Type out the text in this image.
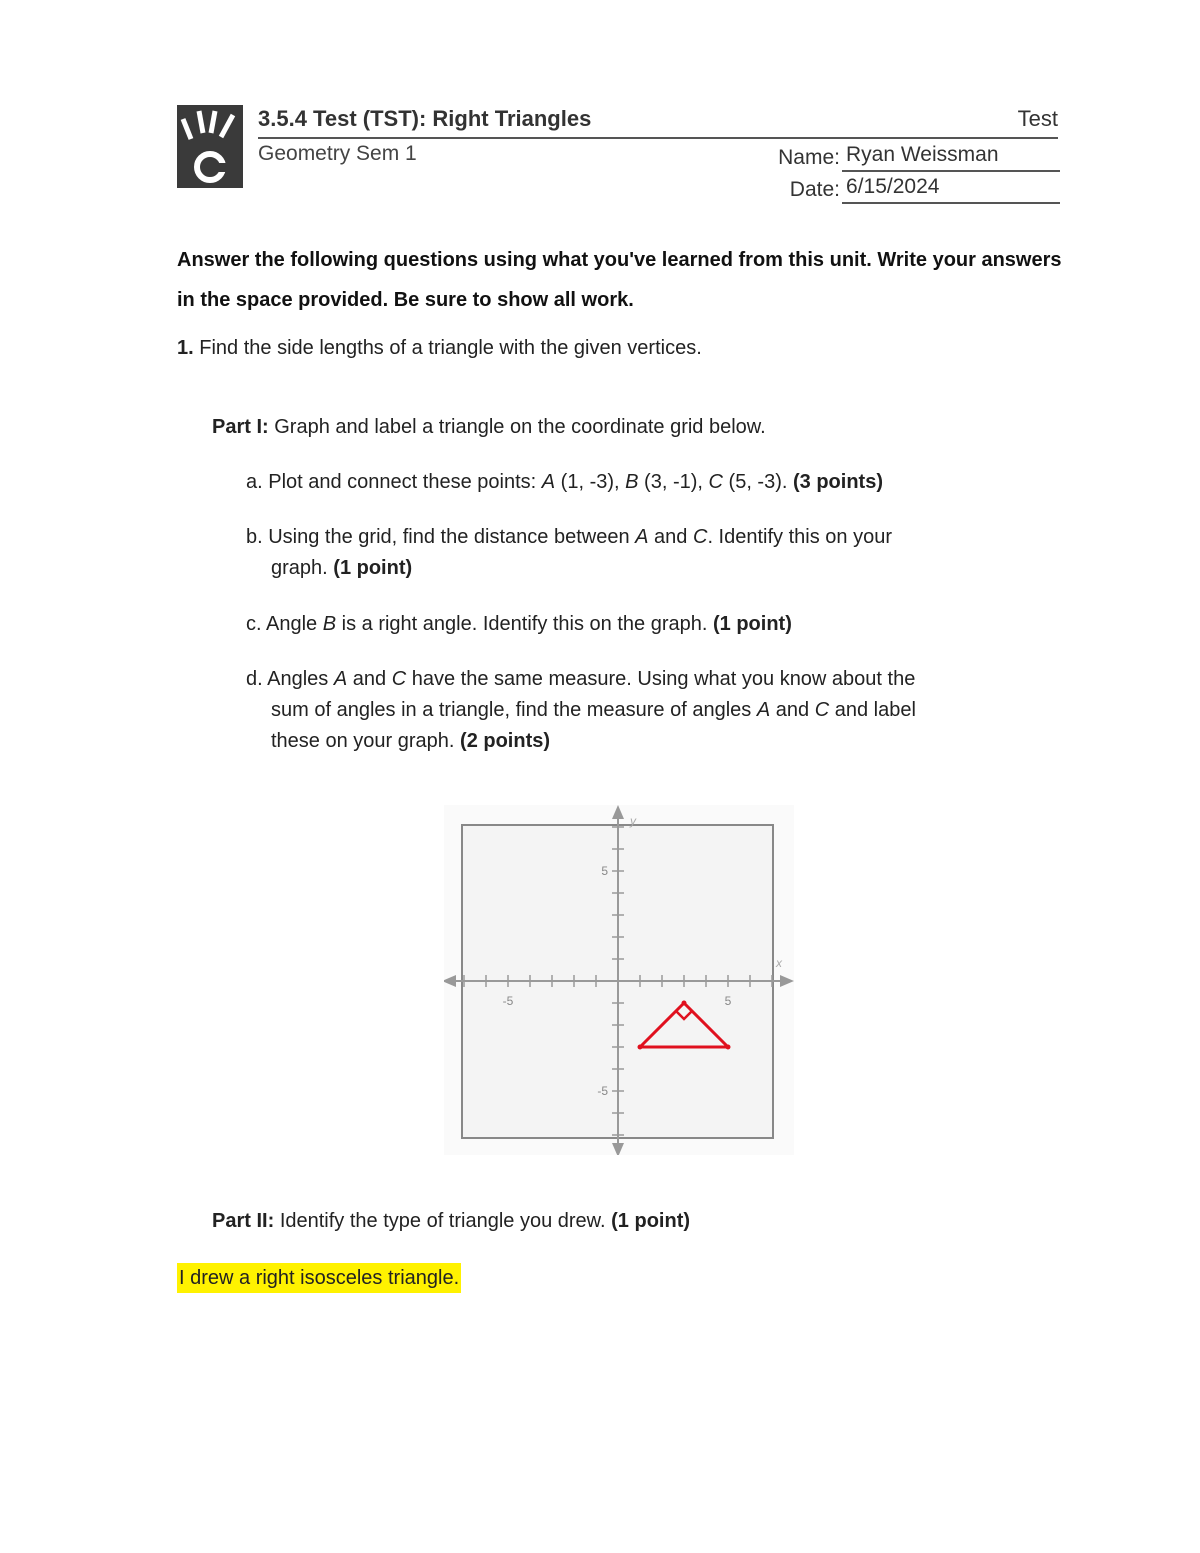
3.5.4 Test (TST): Right Triangles	Test
Geometry Sem 1	Name: Ryan Weissman
Date: 6/15/2024
Answer the following questions using what you've learned from this unit. Write your answers in the space provided. Be sure to show all work.
1. Find the side lengths of a triangle with the given vertices.
Part I: Graph and label a triangle on the coordinate grid below.
a. Plot and connect these points: A (1, -3), B (3, -1), C (5, -3). (3 points)
b. Using the grid, find the distance between A and C. Identify this on your
graph. (1 point)
c. Angle B is a right angle. Identify this on the graph. (1 point)
d. Angles A and C have the same measure. Using what you know about the
sum of angles in a triangle, find the measure of angles A and C and label
these on your graph. (2 points)
x
y
-5	5
5
-5
Part II: Identify the type of triangle you drew. (1 point)
I drew a right isosceles triangle.
